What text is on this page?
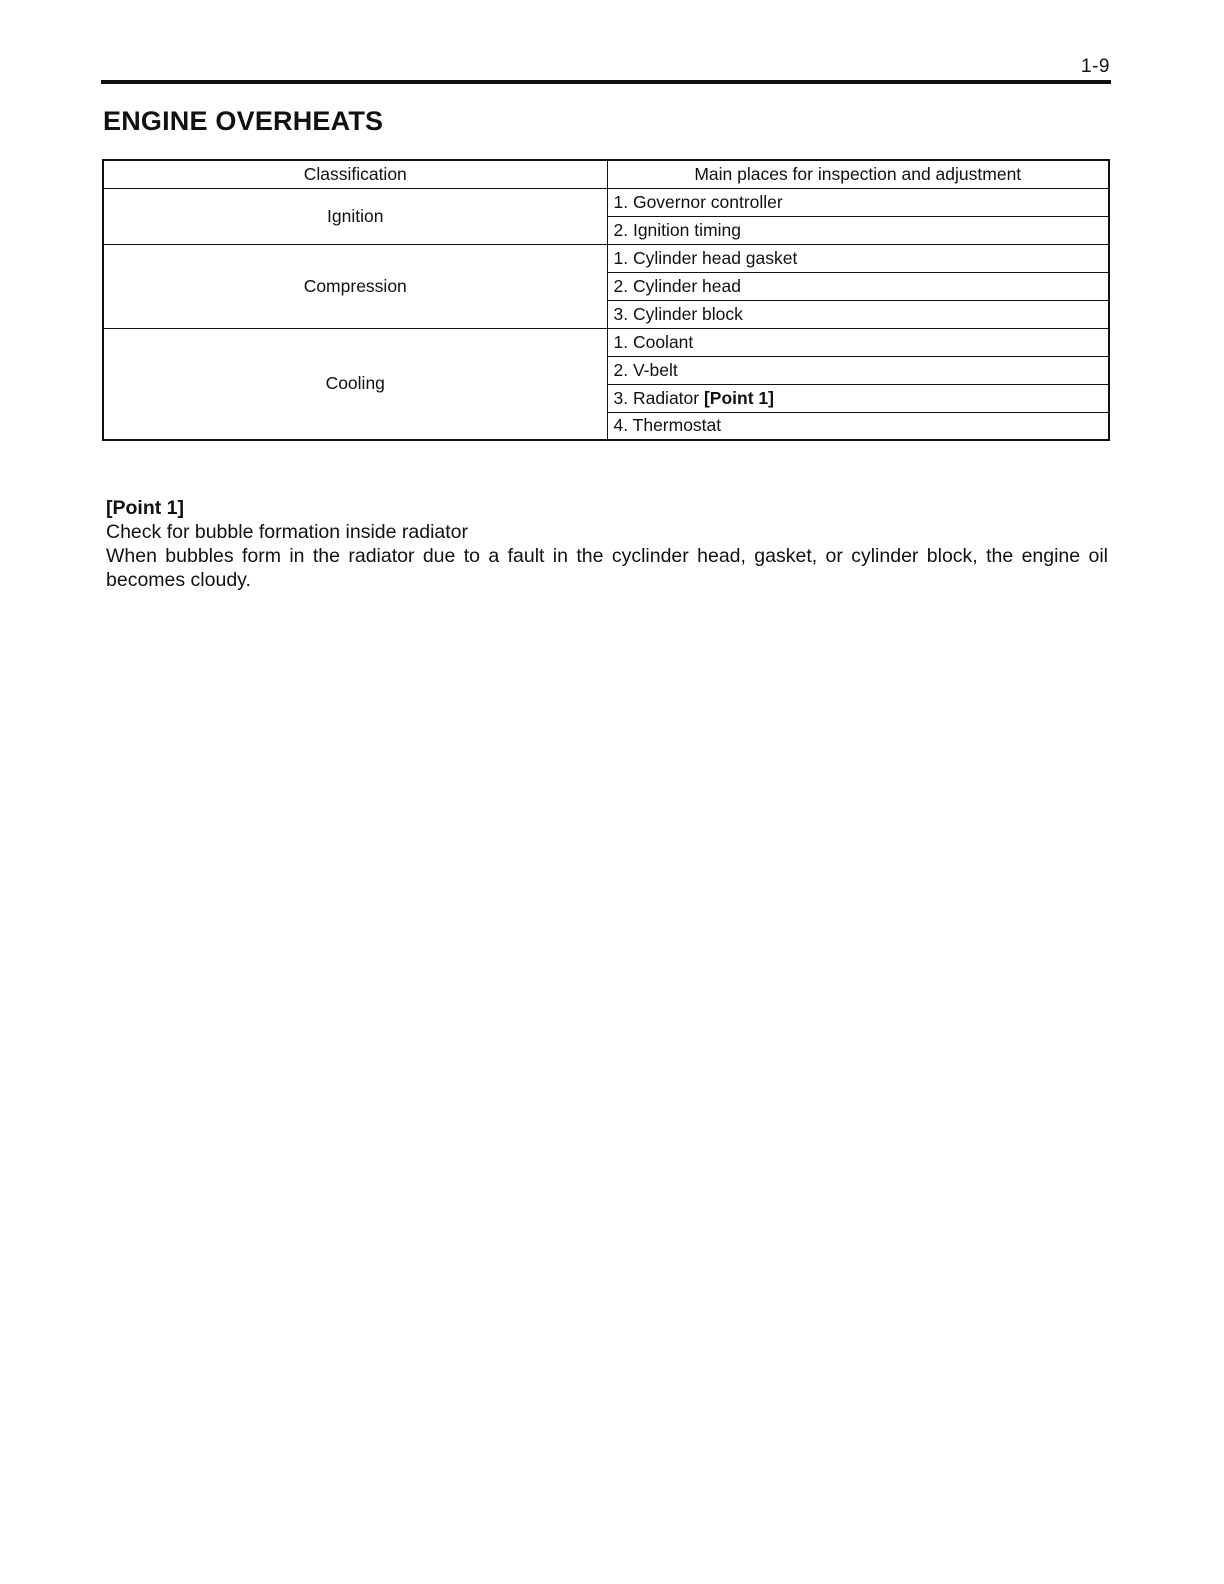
1-9
ENGINE OVERHEATS
Classification	Main places for inspection and adjustment
Ignition	1. Governor controller
	2. Ignition timing
Compression	1. Cylinder head gasket
	2. Cylinder head
	3. Cylinder block
Cooling	1. Coolant
	2. V-belt
	3. Radiator [Point 1]
	4. Thermostat
[Point 1]
Check for bubble formation inside radiator
When bubbles form in the radiator due to a fault in the cyclinder head, gasket, or cylinder block, the engine oil becomes cloudy.
